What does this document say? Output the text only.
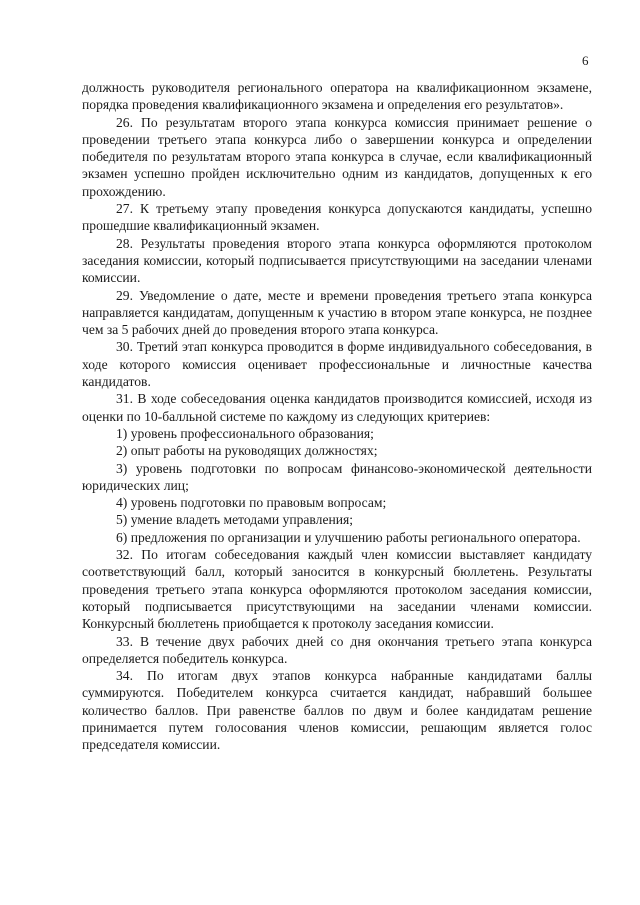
6

должность руководителя регионального оператора на квалификационном экзамене, порядка проведения квалификационного экзамена и определения его результатов».

26. По результатам второго этапа конкурса комиссия принимает решение о проведении третьего этапа конкурса либо о завершении конкурса и определении победителя по результатам второго этапа конкурса в случае, если квалификационный экзамен успешно пройден исключительно одним из кандидатов, допущенных к его прохождению.

27. К третьему этапу проведения конкурса допускаются кандидаты, успешно прошедшие квалификационный экзамен.

28. Результаты проведения второго этапа конкурса оформляются протоколом заседания комиссии, который подписывается присутствующими на заседании членами комиссии.

29. Уведомление о дате, месте и времени проведения третьего этапа конкурса направляется кандидатам, допущенным к участию в втором этапе конкурса, не позднее чем за 5 рабочих дней до проведения второго этапа конкурса.

30. Третий этап конкурса проводится в форме индивидуального собеседования, в ходе которого комиссия оценивает профессиональные и личностные качества кандидатов.

31. В ходе собеседования оценка кандидатов производится комиссией, исходя из оценки по 10-балльной системе по каждому из следующих критериев:

1) уровень профессионального образования;

2) опыт работы на руководящих должностях;

3) уровень подготовки по вопросам финансово-экономической деятельности юридических лиц;

4) уровень подготовки по правовым вопросам;

5) умение владеть методами управления;

6) предложения по организации и улучшению работы регионального оператора.

32. По итогам собеседования каждый член комиссии выставляет кандидату соответствующий балл, который заносится в конкурсный бюллетень. Результаты проведения третьего этапа конкурса оформляются протоколом заседания комиссии, который подписывается присутствующими на заседании членами комиссии. Конкурсный бюллетень приобщается к протоколу заседания комиссии.

33. В течение двух рабочих дней со дня окончания третьего этапа конкурса определяется победитель конкурса.

34. По итогам двух этапов конкурса набранные кандидатами баллы суммируются. Победителем конкурса считается кандидат, набравший большее количество баллов. При равенстве баллов по двум и более кандидатам решение принимается путем голосования членов комиссии, решающим является голос председателя комиссии.
